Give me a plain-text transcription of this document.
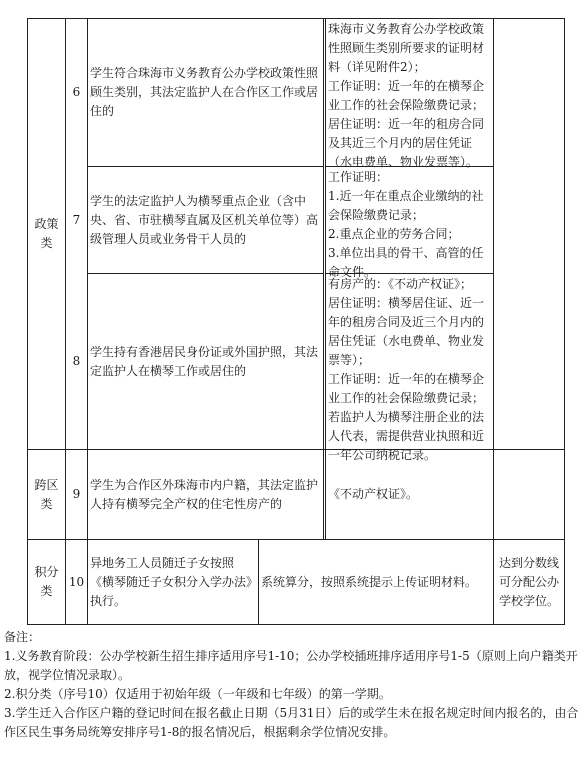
6
学生符合珠海市义务教育公办学校政策性照顾生类别，其法定监护人在合作区工作或居住的
珠海市义务教育公办学校政策性照顾生类别所要求的证明材料（详见附件2）；
工作证明：近一年的在横琴企业工作的社会保险缴费记录；
居住证明：近一年的租房合同及其近三个月内的居住凭证（水电费单、物业发票等）。
政策类
7
学生的法定监护人为横琴重点企业（含中央、省、市驻横琴直属及区机关单位等）高级管理人员或业务骨干人员的
工作证明：
1.近一年在重点企业缴纳的社会保险缴费记录；
2.重点企业的劳务合同；
3.单位出具的骨干、高管的任命文件。
8
学生持有香港居民身份证或外国护照，其法定监护人在横琴工作或居住的
有房产的：《不动产权证》；
居住证明：横琴居住证、近一年的租房合同及近三个月内的居住凭证（水电费单、物业发票等）；
工作证明：近一年的在横琴企业工作的社会保险缴费记录；若监护人为横琴注册企业的法人代表，需提供营业执照和近一年公司纳税记录。
跨区类
9
学生为合作区外珠海市内户籍，其法定监护人持有横琴完全产权的住宅性房产的
《不动产权证》。
积分类
10
异地务工人员随迁子女按照《横琴随迁子女积分入学办法》执行。
系统算分，按照系统提示上传证明材料。
达到分数线可分配公办学校学位。
备注：
1.义务教育阶段：公办学校新生招生排序适用序号1-10；公办学校插班排序适用序号1-5（原则上向户籍类开放，视学位情况录取）。
2.积分类（序号10）仅适用于初始年级（一年级和七年级）的第一学期。
3.学生迁入合作区户籍的登记时间在报名截止日期（5月31日）后的或学生未在报名规定时间内报名的，由合作区民生事务局统筹安排序号1-8的报名情况后，根据剩余学位情况安排。
